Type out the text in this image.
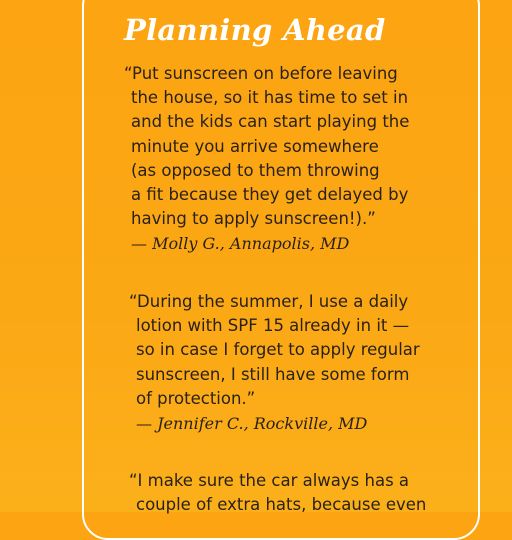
Planning Ahead
“Put sunscreen on before leaving
the house, so it has time to set in
and the kids can start playing the
minute you arrive somewhere
(as opposed to them throwing
a fit because they get delayed by
having to apply sunscreen!).”
— Molly G., Annapolis, MD
“During the summer, I use a daily
lotion with SPF 15 already in it —
so in case I forget to apply regular
sunscreen, I still have some form
of protection.”
— Jennifer C., Rockville, MD
“I make sure the car always has a
couple of extra hats, because even
